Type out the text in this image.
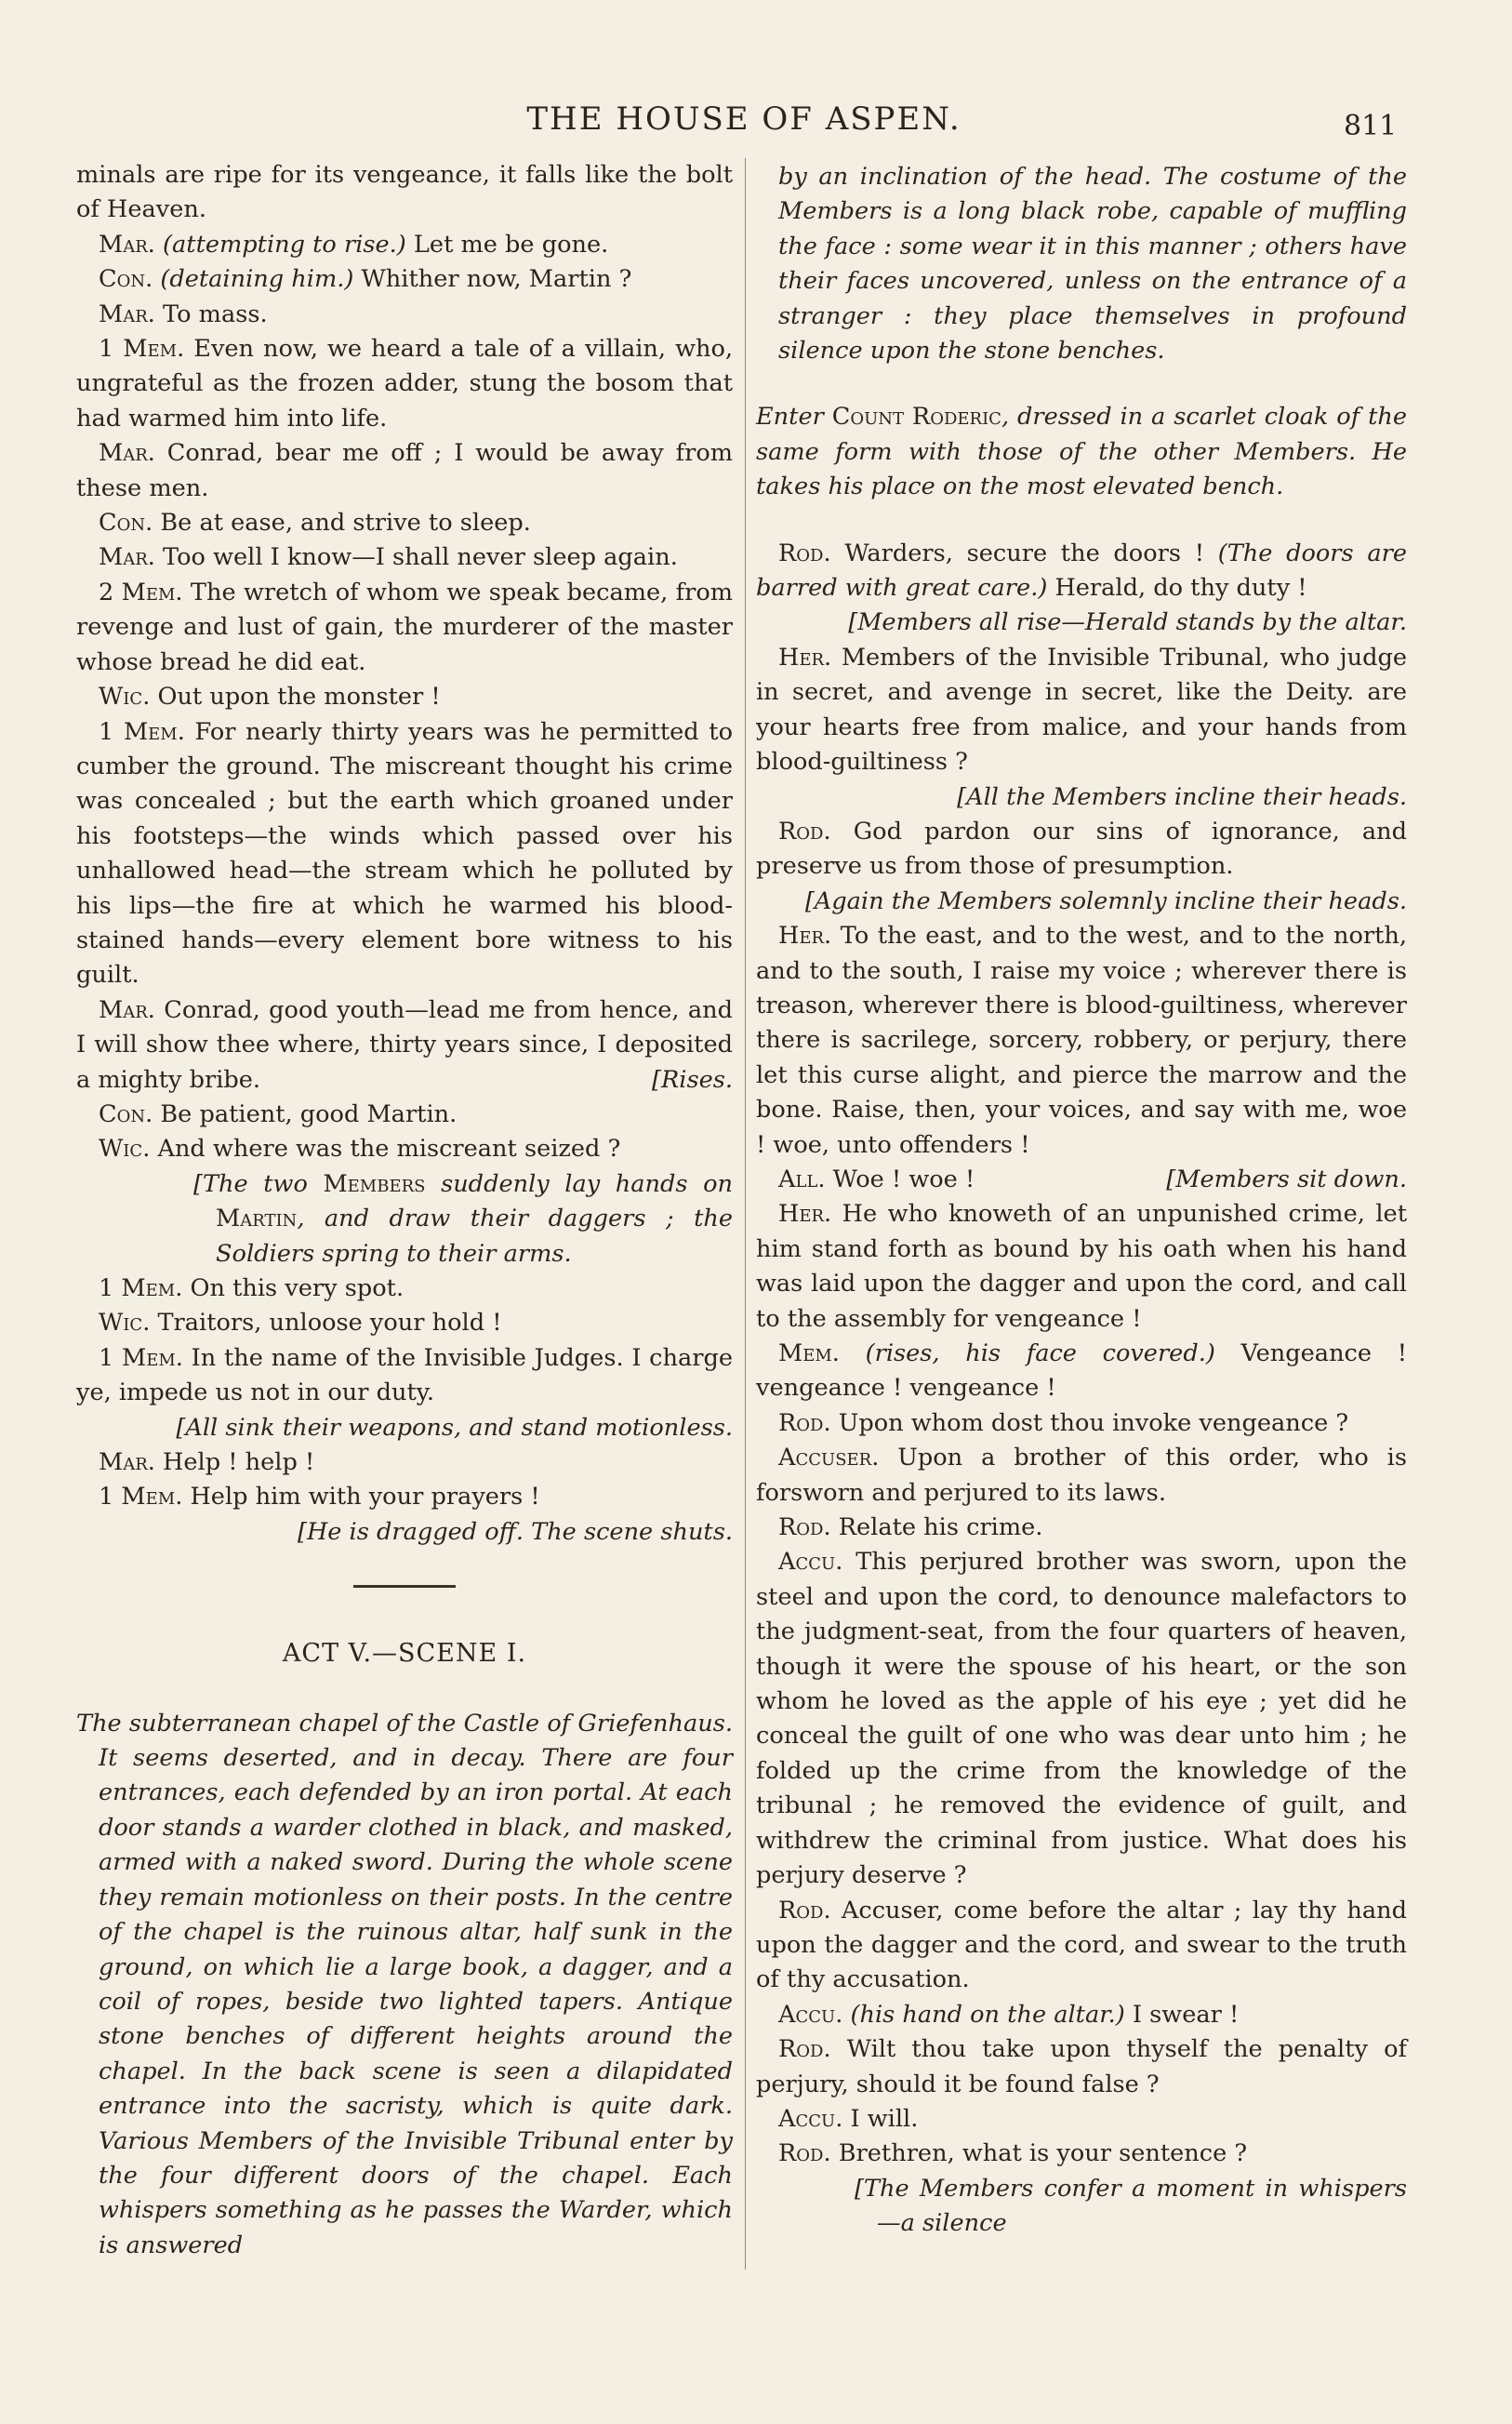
THE HOUSE OF ASPEN.	811

minals are ripe for its vengeance, it falls like the bolt of Heaven.

Mar. (attempting to rise.) Let me be gone.

Con. (detaining him.) Whither now, Martin ?

Mar. To mass.

1 Mem. Even now, we heard a tale of a villain, who, ungrateful as the frozen adder, stung the bosom that had warmed him into life.

Mar. Conrad, bear me off ; I would be away from these men.

Con. Be at ease, and strive to sleep.

Mar. Too well I know—I shall never sleep again.

2 Mem. The wretch of whom we speak became, from revenge and lust of gain, the murderer of the master whose bread he did eat.

Wic. Out upon the monster !

1 Mem. For nearly thirty years was he permitted to cumber the ground. The miscreant thought his crime was concealed ; but the earth which groaned under his footsteps—the winds which passed over his unhallowed head—the stream which he polluted by his lips—the fire at which he warmed his blood-stained hands—every element bore witness to his guilt.

Mar. Conrad, good youth—lead me from hence, and I will show thee where, thirty years since, I deposited a mighty bribe.	[Rises.

Con. Be patient, good Martin.

Wic. And where was the miscreant seized ?

[The two Members suddenly lay hands on Martin, and draw their daggers ; the Soldiers spring to their arms.

1 Mem. On this very spot.

Wic. Traitors, unloose your hold !

1 Mem. In the name of the Invisible Judges. I charge ye, impede us not in our duty.

[All sink their weapons, and stand motionless.

Mar. Help ! help !

1 Mem. Help him with your prayers !

[He is dragged off. The scene shuts.

ACT V.—SCENE I.

The subterranean chapel of the Castle of Griefenhaus. It seems deserted, and in decay. There are four entrances, each defended by an iron portal. At each door stands a warder clothed in black, and masked, armed with a naked sword. During the whole scene they remain motionless on their posts. In the centre of the chapel is the ruinous altar, half sunk in the ground, on which lie a large book, a dagger, and a coil of ropes, beside two lighted tapers. Antique stone benches of different heights around the chapel. In the back scene is seen a dilapidated entrance into the sacristy, which is quite dark. Various Members of the Invisible Tribunal enter by the four different doors of the chapel. Each whispers something as he passes the Warder, which is answered

by an inclination of the head. The costume of the Members is a long black robe, capable of muffling the face : some wear it in this manner ; others have their faces uncovered, unless on the entrance of a stranger : they place themselves in profound silence upon the stone benches.

Enter Count Roderic, dressed in a scarlet cloak of the same form with those of the other Members. He takes his place on the most elevated bench.

Rod. Warders, secure the doors ! (The doors are barred with great care.) Herald, do thy duty !

[Members all rise—Herald stands by the altar.

Her. Members of the Invisible Tribunal, who judge in secret, and avenge in secret, like the Deity. are your hearts free from malice, and your hands from blood-guiltiness ?

[All the Members incline their heads.

Rod. God pardon our sins of ignorance, and preserve us from those of presumption.

[Again the Members solemnly incline their heads.

Her. To the east, and to the west, and to the north, and to the south, I raise my voice ; wherever there is treason, wherever there is blood-guiltiness, wherever there is sacrilege, sorcery, robbery, or perjury, there let this curse alight, and pierce the marrow and the bone. Raise, then, your voices, and say with me, woe ! woe, unto offenders !

All. Woe ! woe !	[Members sit down.

Her. He who knoweth of an unpunished crime, let him stand forth as bound by his oath when his hand was laid upon the dagger and upon the cord, and call to the assembly for vengeance !

Mem. (rises, his face covered.) Vengeance ! vengeance ! vengeance !

Rod. Upon whom dost thou invoke vengeance ?

Accuser. Upon a brother of this order, who is forsworn and perjured to its laws.

Rod. Relate his crime.

Accu. This perjured brother was sworn, upon the steel and upon the cord, to denounce malefactors to the judgment-seat, from the four quarters of heaven, though it were the spouse of his heart, or the son whom he loved as the apple of his eye ; yet did he conceal the guilt of one who was dear unto him ; he folded up the crime from the knowledge of the tribunal ; he removed the evidence of guilt, and withdrew the criminal from justice. What does his perjury deserve ?

Rod. Accuser, come before the altar ; lay thy hand upon the dagger and the cord, and swear to the truth of thy accusation.

Accu. (his hand on the altar.) I swear !

Rod. Wilt thou take upon thyself the penalty of perjury, should it be found false ?

Accu. I will.

Rod. Brethren, what is your sentence ?

[The Members confer a moment in whispers—a silence
